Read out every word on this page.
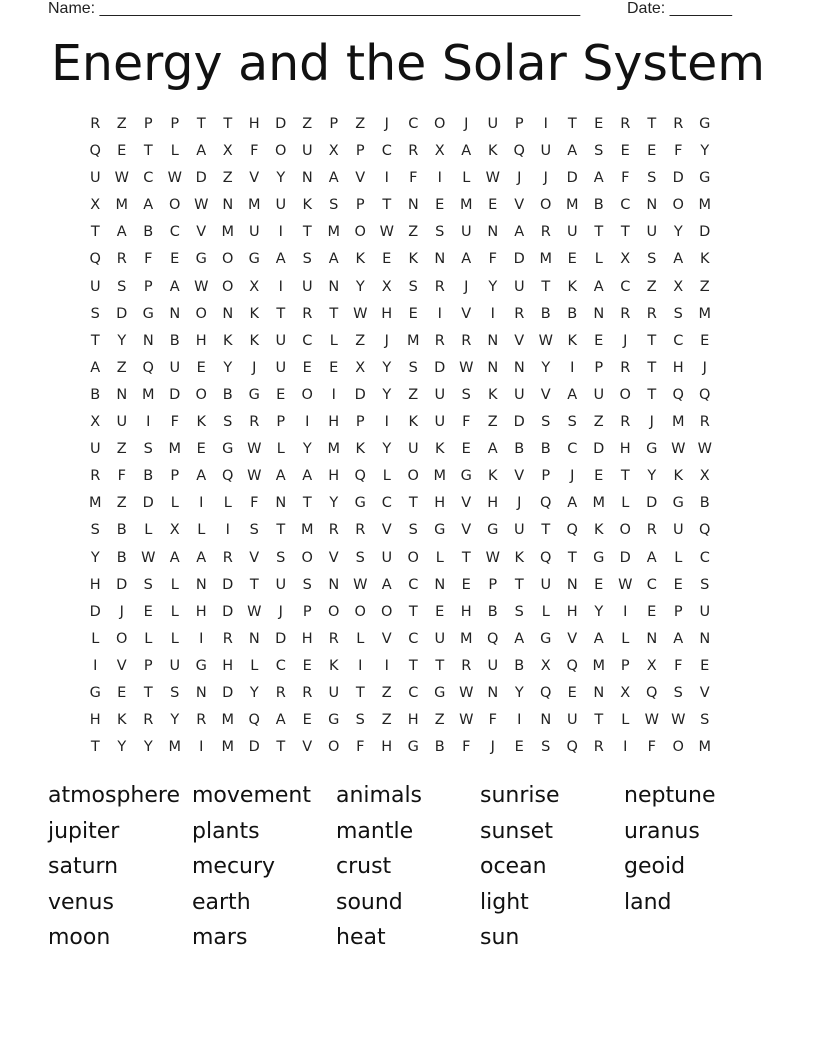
Name: ______________________________________________________	Date: _______
Energy and the Solar System
R	Z	P	P	T	T	H	D	Z	P	Z	J	C	O	J	U	P	I	T	E	R	T	R	G
Q	E	T	L	A	X	F	O	U	X	P	C	R	X	A	K	Q	U	A	S	E	E	F	Y
U W C W D	Z	V	Y	N	A	V	I	F	I	L	W	J	J	D	A	F	S	D	G
X	M	A	O W N	M	U	K	S	P	T	N	E	M	E	V	O	M	B	C	N	O	M
T	A	B	C	V	M	U	I	T	M	O W Z	S	U	N	A	R	U	T	T	U	Y	D
Q	R	F	E	G	O	G	A	S	A	K	E	K	N	A	F	D	M	E	L	X	S	A	K
U	S	P	A W O	X	I	U	N	Y	X	S	R	J	Y	U	T	K	A	C	Z	X	Z
S	D	G	N	O	N	K	T	R	T	W H	E	I	V	I	R	B	B	N	R	R	S	M
T	Y	N	B	H	K	K	U	C	L	Z	J	M	R	R	N	V W	K	E	J	T	C	E
A	Z	Q	U	E	Y	J	U	E	E	X	Y	S	D W N	N	Y	I	P	R	T	H	J
B	N	M	D	O	B	G	E	O	I	D	Y	Z	U	S	K	U	V	A	U	O	T	Q	Q
X	U	I	F	K	S	R	P	I	H	P	I	K	U	F	Z	D	S	S	Z	R	J	M	R
U	Z	S	M	E	G W	L	Y	M	K	Y	U	K	E	A	B	B	C	D	H	G W W
R	F	B	P	A	Q W A	A	H	Q	L	O	M	G	K	V	P	J	E	T	Y	K	X
M	Z	D	L	I	L	F	N	T	Y	G	C	T	H	V	H	J	Q	A	M	L	D	G	B
S	B	L	X	L	I	S	T	M	R	R	V	S	G	V	G	U	T	Q	K	O	R	U	Q
Y	B W A	A	R	V	S	O	V	S	U	O	L	T	W	K	Q	T	G	D	A	L	C
H	D	S	L	N	D	T	U	S	N W A	C	N	E	P	T	U	N	E	W C	E	S
D	J	E	L	H	D W	J	P	O	O	O	T	E	H	B	S	L	H	Y	I	E	P	U
L	O	L	L	I	R	N	D	H	R	L	V	C	U	M	Q	A	G	V	A	L	N	A	N
I	V	P	U	G	H	L	C	E	K	I	I	T	T	R	U	B	X	Q	M	P	X	F	E
G	E	T	S	N	D	Y	R	R	U	T	Z	C	G W N	Y	Q	E	N	X	Q	S	V
H	K	R	Y	R	M	Q	A	E	G	S	Z	H	Z W	F	I	N	U	T	L	W W	S
T	Y	Y	M	I	M	D	T	V	O	F	H	G	B	F	J	E	S	Q	R	I	F	O	M
atmosphere movement	animals	sunrise	neptune
jupiter	plants	mantle	sunset	uranus
saturn	mecury	crust	ocean	geoid
venus	earth	sound	light	land
moon	mars	heat	sun
